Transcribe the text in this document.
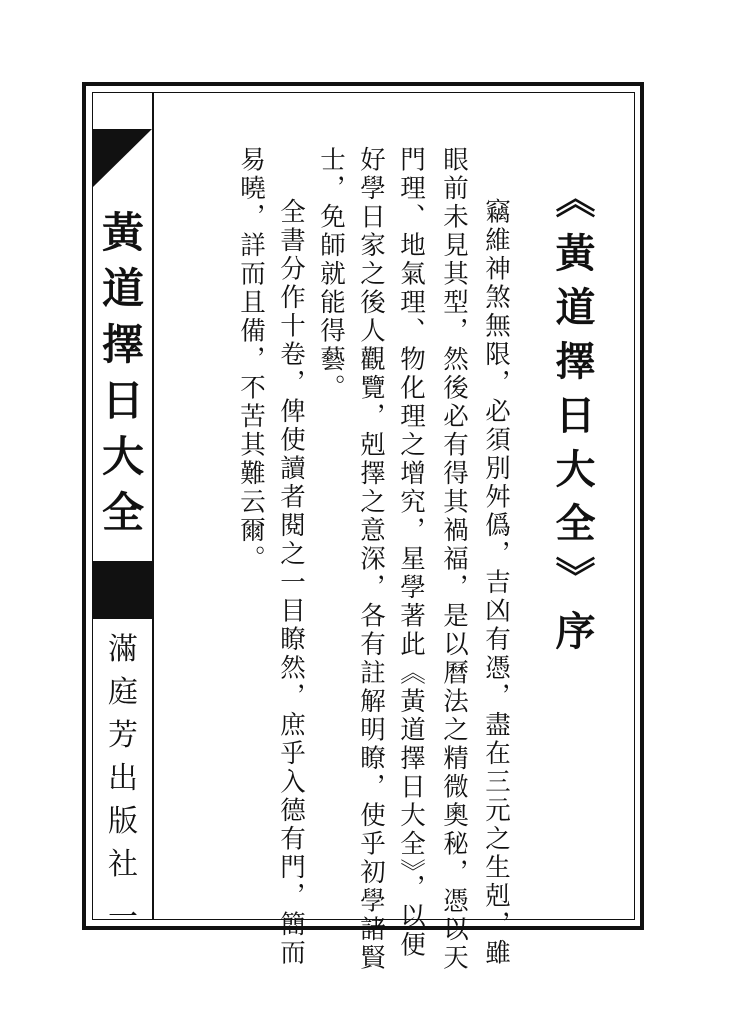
黃
道
擇
日
大
全
滿
庭
芳
出
版
社
一

《黃道擇日大全》序

竊維神煞無限，必須別舛僞，吉凶有憑，盡在三元之生剋，雖

眼前未見其型，然後必有得其禍福，是以曆法之精微奧秘，憑以天

門理、地氣理、物化理之增究，星學著此《黃道擇日大全》，以便

好學日家之後人觀覽，剋擇之意深，各有註解明瞭，使乎初學諸賢

士，免師就能得藝。

全書分作十卷，俾使讀者閱之一目瞭然，庶乎入德有門，簡而

易曉，詳而且備，不苦其難云爾。
